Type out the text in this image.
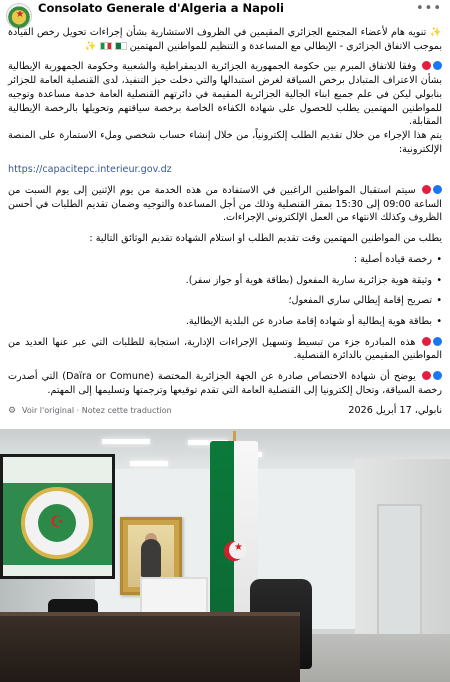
★ Consolato Generale d'Algeria a Napoli	•••

✨ تنويه هام لأعضاء المجتمع الجزائري المقيمين في الظروف الاستشارية بشأن إجراءات تحويل رخص القيادة بموجب الاتفاق الجزائري - الإيطالي مع المساعدة و التنظيم للمواطنين المهتمين   ✨

وفقا للاتفاق المبرم بين حكومة الجمهورية الجزائرية الديمقراطية والشعبية وحكومة الجمهورية الإيطالية بشأن الاعتراف المتبادل برخص السياقة لغرض استبدالها والتي دخلت حيز التنفيذ، لدى القنصلية العامة للجزائر بنابولي ليكن في علم جميع ابناء الجالية الجزائرية المقيمة في دائرتهم القنصلية العامة خدمة مساعدة وتوجيه للمواطنين المهتمين يطلب للحصول على شهادة الكفاءة الخاصة برخصة سياقتهم وتحويلها بالرخصة الإيطالية المقابلة.

يتم هذا الإجراء من خلال تقديم الطلب إلكترونياً، من خلال إنشاء حساب شخصي وملء الاستمارة على المنصة الإلكترونية:

https://capacitepc.interieur.gov.dz

سيتم استقبال المواطنين الراغبين في الاستفادة من هذه الخدمة من يوم الإثنين إلى يوم السبت من الساعة 09:00 إلى 15:30 بمقر القنصلية وذلك من أجل المساعدة والتوجيه وضمان تقديم الطلبات في أحسن الظروف وكذلك الانتهاء من العمل الإلكتروني الإجراءات.

يطلب من المواطنين المهتمين وقت تقديم الطلب او استلام الشهادة تقديم الوثائق التالية :

• رخصة قيادة أصلية :

• وثيقة هوية جزائرية سارية المفعول (بطاقة هوية أو جواز سفر).

• تصريح إقامة إيطالي ساري المفعول؛

• بطاقة هوية إيطالية أو شهادة إقامة صادرة عن البلدية الإيطالية.

هذه المبادرة جزء من تبسيط وتسهيل الإجراءات الإدارية، استجابة للطلبات التي عبر عنها العديد من المواطنين المقيمين بالدائرة القنصلية.

يوضح أن شهادة الاختصاص صادرة عن الجهة الجزائرية المختصة (Daïra or Comune) التي أصدرت رخصة السياقة، وتحال إلكترونيا إلى القنصلية العامة التي تقدم توقيعها وترجمتها وتسليمها إلى المهتم.

نابولي، 17 أبريل 2026

⚙ Voir l'original · Notez cette traduction
☪
★
